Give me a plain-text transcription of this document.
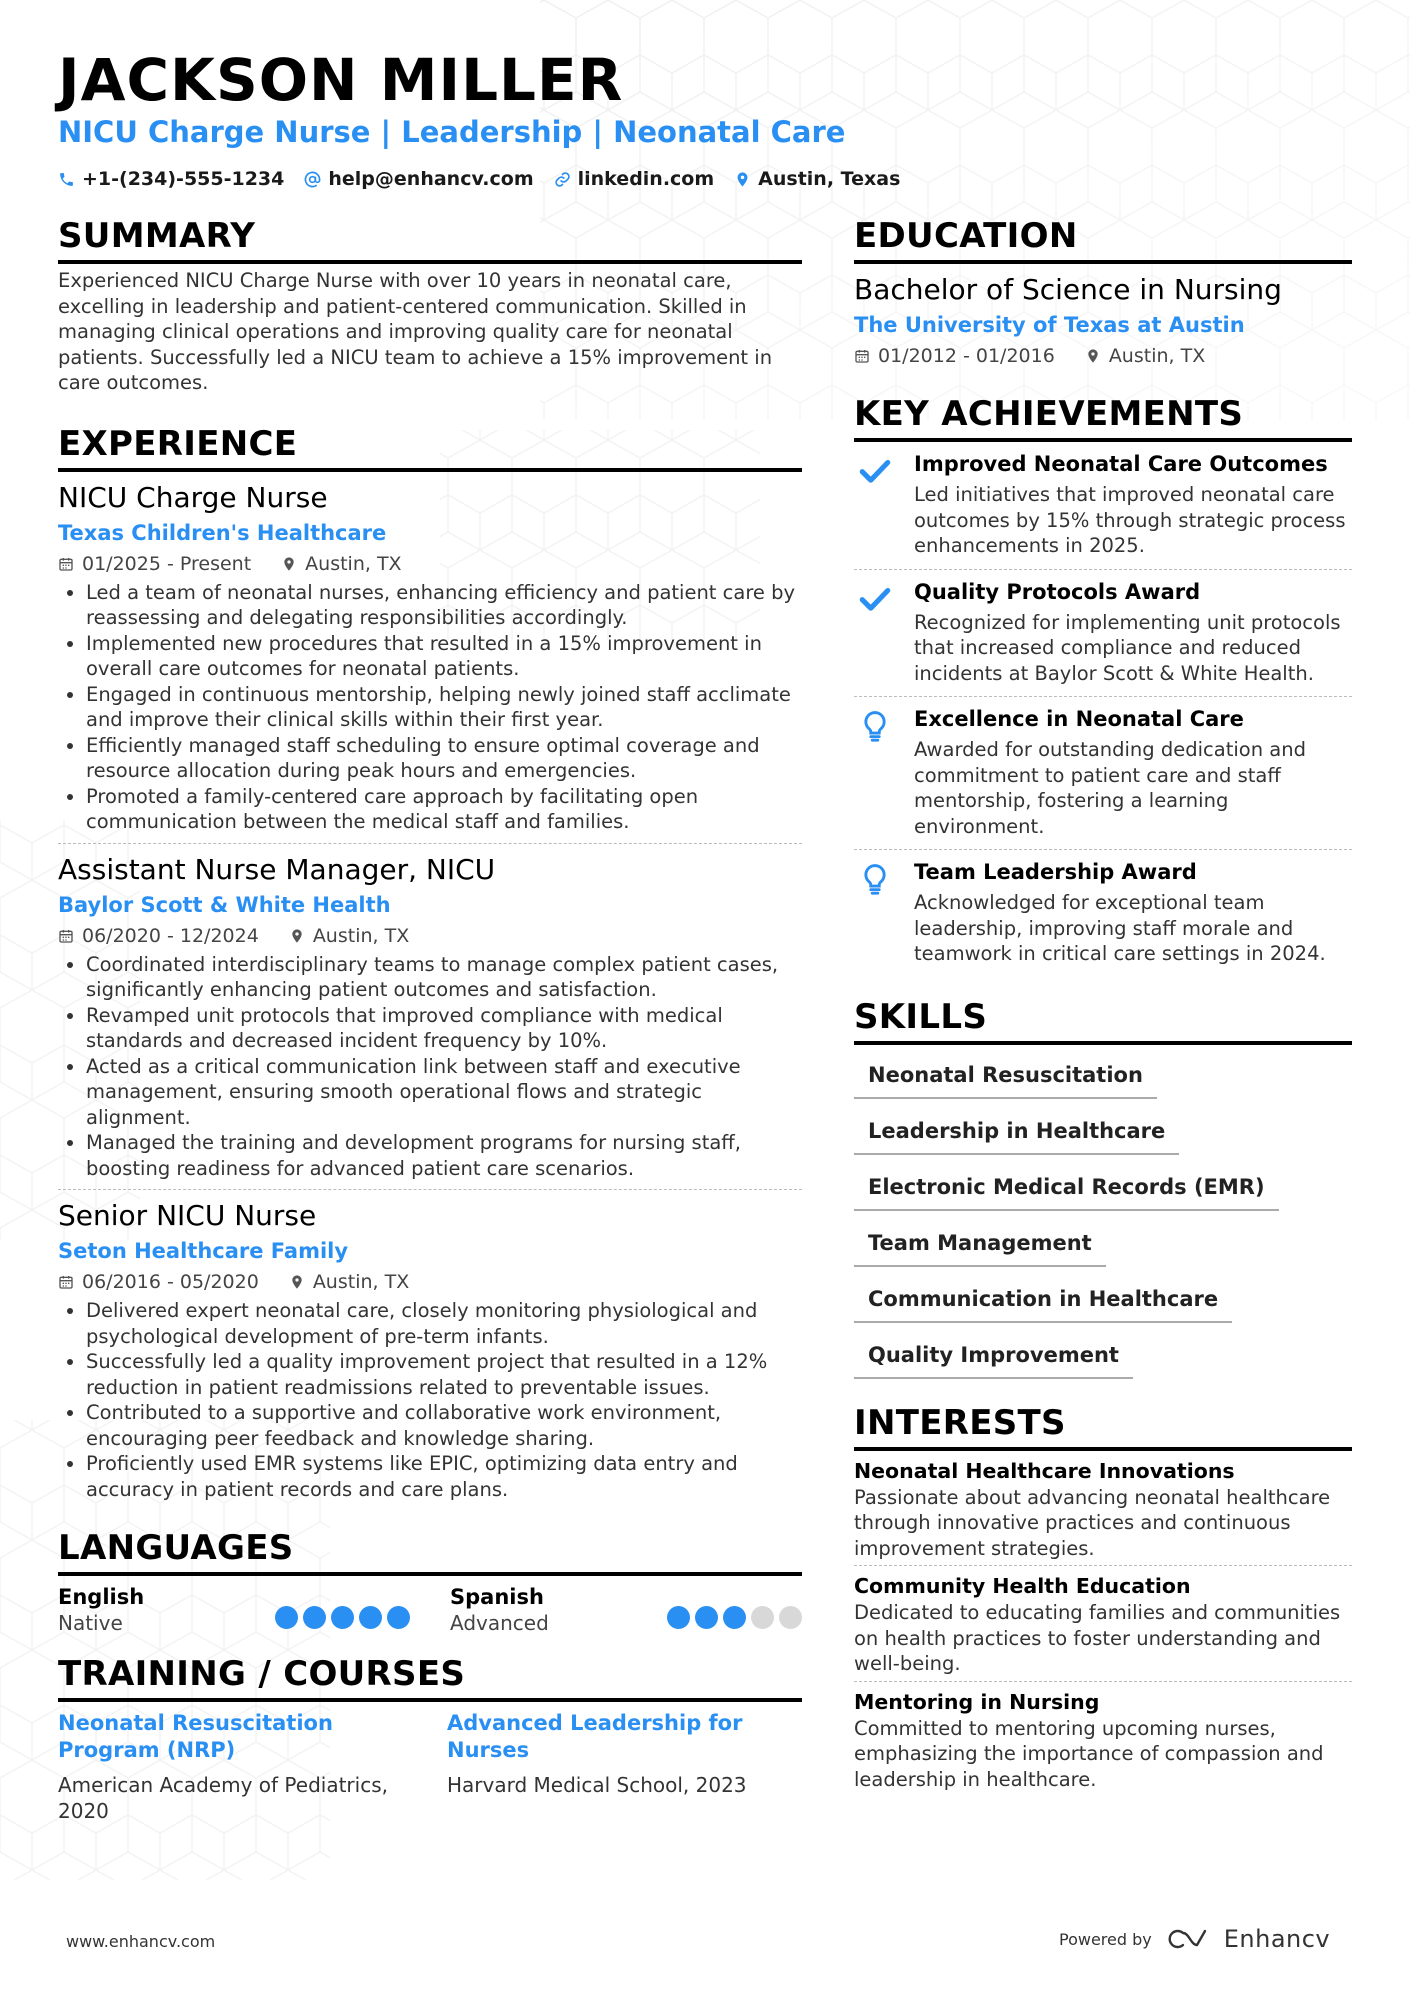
JACKSON MILLER
NICU Charge Nurse | Leadership | Neonatal Care
+1-(234)-555-1234 help@enhancv.com linkedin.com Austin, Texas
SUMMARY
Experienced NICU Charge Nurse with over 10 years in neonatal care, excelling in leadership and patient-centered communication. Skilled in managing clinical operations and improving quality care for neonatal patients. Successfully led a NICU team to achieve a 15% improvement in care outcomes.
EXPERIENCE
NICU Charge Nurse
Texas Children's Healthcare
01/2025 - Present	Austin, TX
• Led a team of neonatal nurses, enhancing efficiency and patient care by reassessing and delegating responsibilities accordingly.
• Implemented new procedures that resulted in a 15% improvement in overall care outcomes for neonatal patients.
• Engaged in continuous mentorship, helping newly joined staff acclimate and improve their clinical skills within their first year.
• Efficiently managed staff scheduling to ensure optimal coverage and resource allocation during peak hours and emergencies.
• Promoted a family-centered care approach by facilitating open communication between the medical staff and families.
Assistant Nurse Manager, NICU
Baylor Scott & White Health
06/2020 - 12/2024	Austin, TX
• Coordinated interdisciplinary teams to manage complex patient cases, significantly enhancing patient outcomes and satisfaction.
• Revamped unit protocols that improved compliance with medical standards and decreased incident frequency by 10%.
• Acted as a critical communication link between staff and executive management, ensuring smooth operational flows and strategic alignment.
• Managed the training and development programs for nursing staff, boosting readiness for advanced patient care scenarios.
Senior NICU Nurse
Seton Healthcare Family
06/2016 - 05/2020	Austin, TX
• Delivered expert neonatal care, closely monitoring physiological and psychological development of pre-term infants.
• Successfully led a quality improvement project that resulted in a 12% reduction in patient readmissions related to preventable issues.
• Contributed to a supportive and collaborative work environment, encouraging peer feedback and knowledge sharing.
• Proficiently used EMR systems like EPIC, optimizing data entry and accuracy in patient records and care plans.
LANGUAGES
English
Native
Spanish
Advanced
TRAINING / COURSES
Neonatal Resuscitation Program (NRP)
American Academy of Pediatrics, 2020
Advanced Leadership for Nurses
Harvard Medical School, 2023
EDUCATION
Bachelor of Science in Nursing
The University of Texas at Austin
01/2012 - 01/2016	Austin, TX
KEY ACHIEVEMENTS
Improved Neonatal Care Outcomes
Led initiatives that improved neonatal care outcomes by 15% through strategic process enhancements in 2025.
Quality Protocols Award
Recognized for implementing unit protocols that increased compliance and reduced incidents at Baylor Scott & White Health.
Excellence in Neonatal Care
Awarded for outstanding dedication and commitment to patient care and staff mentorship, fostering a learning environment.
Team Leadership Award
Acknowledged for exceptional team leadership, improving staff morale and teamwork in critical care settings in 2024.
SKILLS
Neonatal Resuscitation
Leadership in Healthcare
Electronic Medical Records (EMR)
Team Management
Communication in Healthcare
Quality Improvement
INTERESTS
Neonatal Healthcare Innovations
Passionate about advancing neonatal healthcare through innovative practices and continuous improvement strategies.
Community Health Education
Dedicated to educating families and communities on health practices to foster understanding and well-being.
Mentoring in Nursing
Committed to mentoring upcoming nurses, emphasizing the importance of compassion and leadership in healthcare.
www.enhancv.com	Powered by	Enhancv
